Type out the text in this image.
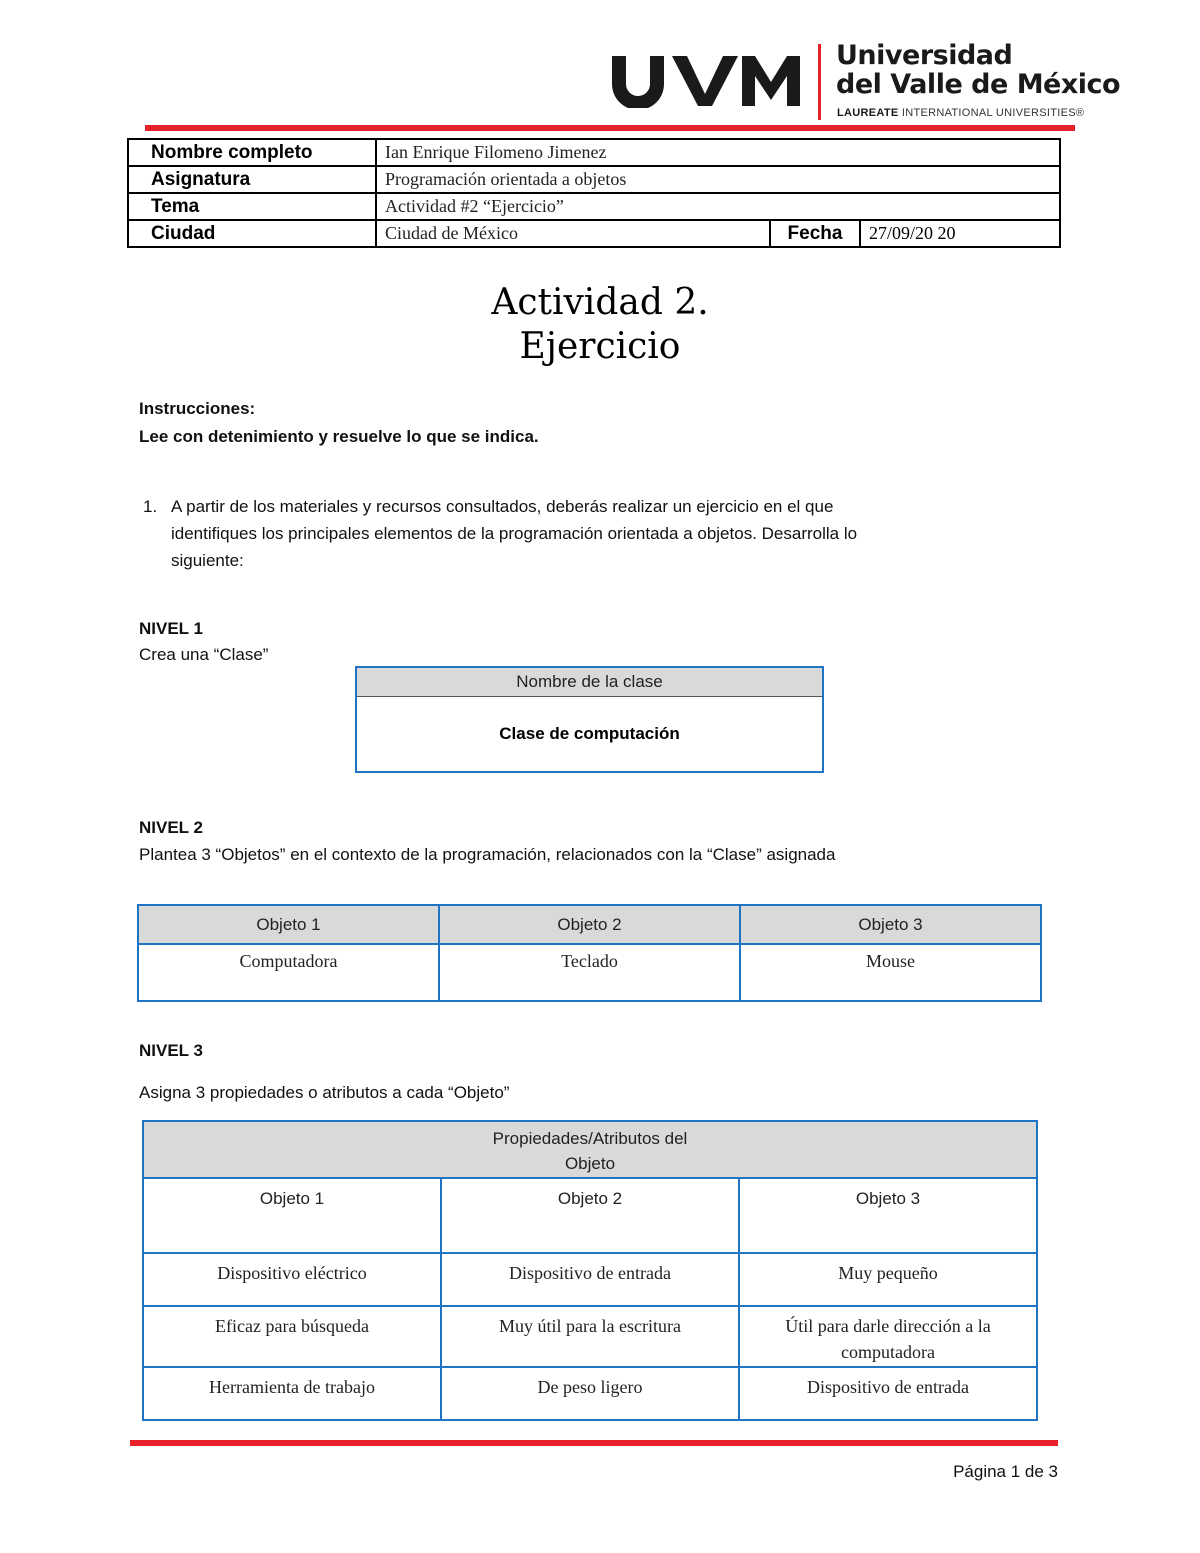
Universidad
del Valle de México
LAUREATE INTERNATIONAL UNIVERSITIES®
Nombre completo	Ian Enrique Filomeno Jimenez		
Asignatura	Programación orientada a objetos		
Tema	Actividad #2 “Ejercicio”		
Ciudad	Ciudad de México	Fecha	27/09/20 20
Actividad 2.
Ejercicio
Instrucciones:
Lee con detenimiento y resuelve lo que se indica.
1. A partir de los materiales y recursos consultados, deberás realizar un ejercicio en el que
identifiques los principales elementos de la programación orientada a objetos. Desarrolla lo
siguiente:
NIVEL 1
Crea una “Clase”
Nombre de la clase
Clase de computación
NIVEL 2
Plantea 3 “Objetos” en el contexto de la programación, relacionados con la “Clase” asignada
Objeto 1	Objeto 2	Objeto 3
Computadora	Teclado	Mouse
NIVEL 3
Asigna 3 propiedades o atributos a cada “Objeto”
Propiedades/Atributos del
Objeto		

Objeto 1	Objeto 2	Objeto 3
Dispositivo eléctrico	Dispositivo de entrada	Muy pequeño
Eficaz para búsqueda	Muy útil para la escritura	Útil para darle dirección a la computadora
Herramienta de trabajo	De peso ligero	Dispositivo de entrada
Página 1 de 3
